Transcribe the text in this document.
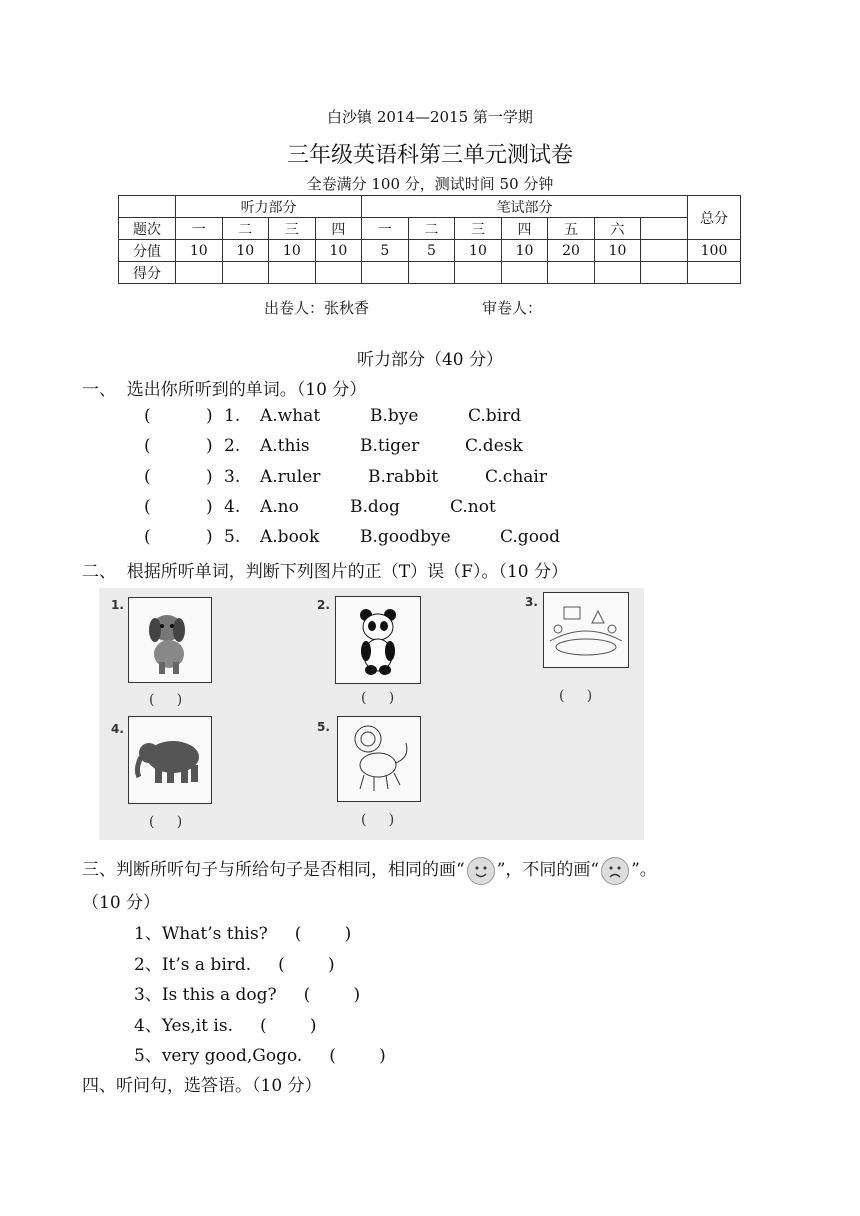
白沙镇 2014—2015 第一学期
三年级英语科第三单元测试卷
全卷满分 100 分，测试时间 50 分钟
	听力部分				笔试部分							总分
题次	一	二	三	四	一	二	三	四	五	六		
分值	10	10	10	10	5	5	10	10	20	10		100
得分												
出卷人：张秋香	审卷人：
听力部分（40 分）
一、  选出你所听到的单词。（10 分）
(	) 1. A.what	B.bye	C.bird
(	) 2. A.this	B.tiger	C.desk
(	) 3. A.ruler	B.rabbit	C.chair
(	) 4. A.no	B.dog	C.not
(	) 5. A.book B.goodbye	C.good
二、  根据所听单词，判断下列图片的正（T）误（F）。（10 分）
1.
(     )
2.
(     )
3.
(     )
4.
(     )
5.
(     )
三、判断所听句子与所给句子是否相同，相同的画“ ”，不同的画“ ”。
（10 分）
1、What’s this?     (        )
2、It’s a bird.     (        )
3、Is this a dog?     (        )
4、Yes,it is.     (        )
5、very good,Gogo.     (        )
四、听问句，选答语。（10 分）
